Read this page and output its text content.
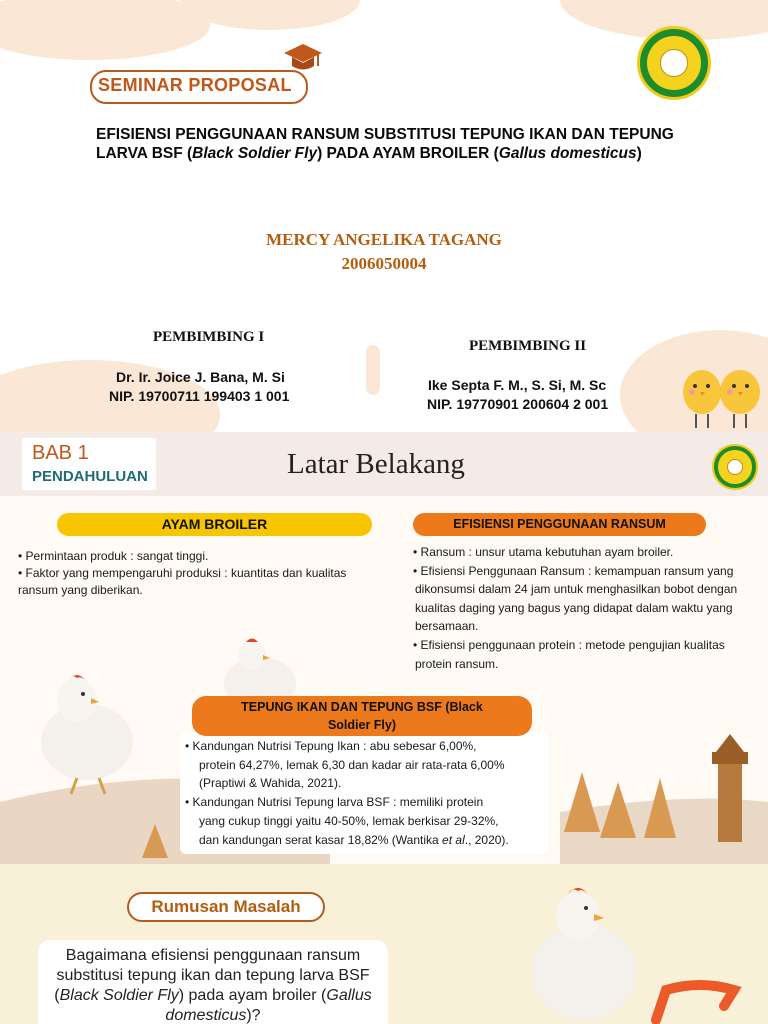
SEMINAR PROPOSAL
EFISIENSI PENGGUNAAN RANSUM SUBSTITUSI TEPUNG IKAN DAN TEPUNG
LARVA BSF (Black Soldier Fly) PADA AYAM BROILER (Gallus domesticus)
MERCY ANGELIKA TAGANG
2006050004
PEMBIMBING I
Dr. Ir. Joice J. Bana, M. Si
NIP. 19700711 199403 1 001
PEMBIMBING II
Ike Septa F. M., S. Si, M. Sc
NIP. 19770901 200604 2 001
BAB 1
PENDAHULUAN	Latar Belakang
AYAM BROILER	EFISIENSI PENGGUNAAN RANSUM
• Permintaan produk : sangat tinggi.
• Faktor yang mempengaruhi produksi : kuantitas dan kualitas
ransum yang diberikan.
• Ransum : unsur utama kebutuhan ayam broiler.
• Efisiensi Penggunaan Ransum : kemampuan ransum yang
dikonsumsi dalam 24 jam untuk menghasilkan bobot dengan
kualitas daging yang bagus yang didapat dalam waktu yang
bersamaan.
• Efisiensi penggunaan protein : metode pengujian kualitas
protein ransum.
TEPUNG IKAN DAN TEPUNG BSF (Black
Soldier Fly)
• Kandungan Nutrisi Tepung Ikan : abu sebesar 6,00%,
protein 64,27%, lemak 6,30 dan kadar air rata-rata 6,00%
(Praptiwi & Wahida, 2021).
• Kandungan Nutrisi Tepung larva BSF : memiliki protein
yang cukup tinggi yaitu 40-50%, lemak berkisar 29-32%,
dan kandungan serat kasar 18,82% (Wantika et al., 2020).
Rumusan Masalah
Bagaimana efisiensi penggunaan ransum
substitusi tepung ikan dan tepung larva BSF
(Black Soldier Fly) pada ayam broiler (Gallus
domesticus)?
